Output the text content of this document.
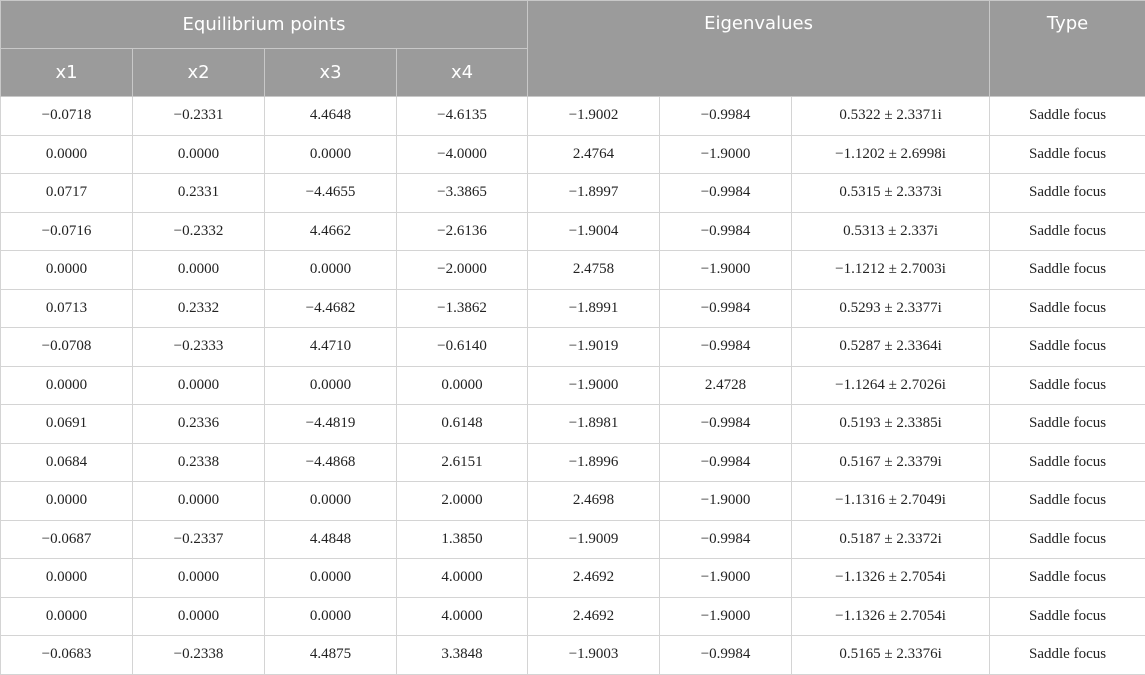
Equilibrium points				Eigenvalues			Type
x1	x2	x3	x4				
−0.0718	−0.2331	4.4648	−4.6135	−1.9002	−0.9984	0.5322 ± 2.3371i	Saddle focus
0.0000	0.0000	0.0000	−4.0000	2.4764	−1.9000	−1.1202 ± 2.6998i	Saddle focus
0.0717	0.2331	−4.4655	−3.3865	−1.8997	−0.9984	0.5315 ± 2.3373i	Saddle focus
−0.0716	−0.2332	4.4662	−2.6136	−1.9004	−0.9984	0.5313 ± 2.337i	Saddle focus
0.0000	0.0000	0.0000	−2.0000	2.4758	−1.9000	−1.1212 ± 2.7003i	Saddle focus
0.0713	0.2332	−4.4682	−1.3862	−1.8991	−0.9984	0.5293 ± 2.3377i	Saddle focus
−0.0708	−0.2333	4.4710	−0.6140	−1.9019	−0.9984	0.5287 ± 2.3364i	Saddle focus
0.0000	0.0000	0.0000	0.0000	−1.9000	2.4728	−1.1264 ± 2.7026i	Saddle focus
0.0691	0.2336	−4.4819	0.6148	−1.8981	−0.9984	0.5193 ± 2.3385i	Saddle focus
0.0684	0.2338	−4.4868	2.6151	−1.8996	−0.9984	0.5167 ± 2.3379i	Saddle focus
0.0000	0.0000	0.0000	2.0000	2.4698	−1.9000	−1.1316 ± 2.7049i	Saddle focus
−0.0687	−0.2337	4.4848	1.3850	−1.9009	−0.9984	0.5187 ± 2.3372i	Saddle focus
0.0000	0.0000	0.0000	4.0000	2.4692	−1.9000	−1.1326 ± 2.7054i	Saddle focus
0.0000	0.0000	0.0000	4.0000	2.4692	−1.9000	−1.1326 ± 2.7054i	Saddle focus
−0.0683	−0.2338	4.4875	3.3848	−1.9003	−0.9984	0.5165 ± 2.3376i	Saddle focus
